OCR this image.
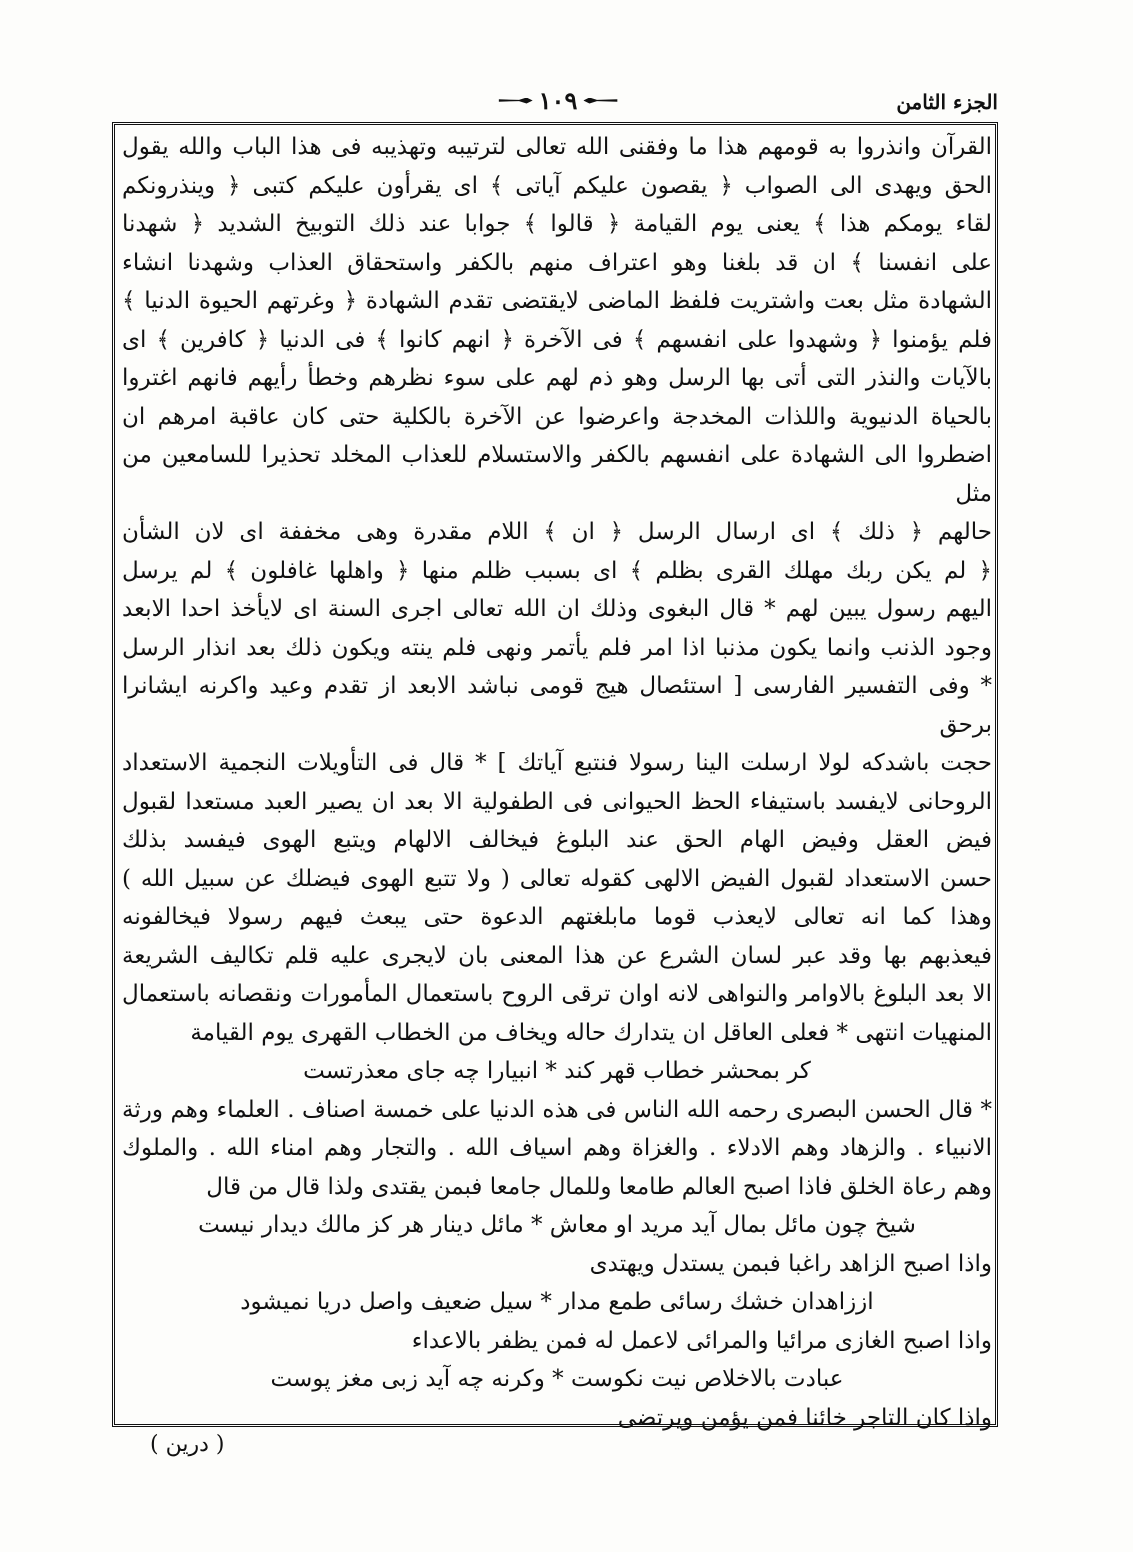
الجزء الثامن
١٠٩

القرآن وانذروا به قومهم هذا ما وفقنى الله تعالى لترتيبه وتهذيبه فى هذا الباب والله يقول

الحق ويهدى الى الصواب ﴿ يقصون عليكم آياتى ﴾ اى يقرأون عليكم كتبى ﴿ وينذرونكم

لقاء يومكم هذا ﴾ يعنى يوم القيامة ﴿ قالوا ﴾ جوابا عند ذلك التوبيخ الشديد ﴿ شهدنا

على انفسنا ﴾ ان قد بلغنا وهو اعتراف منهم بالكفر واستحقاق العذاب وشهدنا انشاء

الشهادة مثل بعت واشتريت فلفظ الماضى لايقتضى تقدم الشهادة ﴿ وغرتهم الحيوة الدنيا ﴾

فلم يؤمنوا ﴿ وشهدوا على انفسهم ﴾ فى الآخرة ﴿ انهم كانوا ﴾ فى الدنيا ﴿ كافرين ﴾ اى

بالآيات والنذر التى أتى بها الرسل وهو ذم لهم على سوء نظرهم وخطأ رأيهم فانهم اغتروا

بالحياة الدنيوية واللذات المخدجة واعرضوا عن الآخرة بالكلية حتى كان عاقبة امرهم ان

اضطروا الى الشهادة على انفسهم بالكفر والاستسلام للعذاب المخلد تحذيرا للسامعين من مثل

حالهم ﴿ ذلك ﴾ اى ارسال الرسل ﴿ ان ﴾ اللام مقدرة وهى مخففة اى لان الشأن

﴿ لم يكن ربك مهلك القرى بظلم ﴾ اى بسبب ظلم منها ﴿ واهلها غافلون ﴾ لم يرسل

اليهم رسول يبين لهم * قال البغوى وذلك ان الله تعالى اجرى السنة اى لايأخذ احدا الابعد

وجود الذنب وانما يكون مذنبا اذا امر فلم يأتمر ونهى فلم ينته ويكون ذلك بعد انذار الرسل

* وفى التفسير الفارسى [ استئصال هيج قومى نباشد الابعد از تقدم وعيد واكرنه ايشانرا برحق

حجت باشدكه لولا ارسلت الينا رسولا فنتبع آياتك ] * قال فى التأويلات النجمية الاستعداد

الروحانى لايفسد باستيفاء الحظ الحيوانى فى الطفولية الا بعد ان يصير العبد مستعدا لقبول

فيض العقل وفيض الهام الحق عند البلوغ فيخالف الالهام ويتبع الهوى فيفسد بذلك

حسن الاستعداد لقبول الفيض الالهى كقوله تعالى ( ولا تتبع الهوى فيضلك عن سبيل الله )

وهذا كما انه تعالى لايعذب قوما مابلغتهم الدعوة حتى يبعث فيهم رسولا فيخالفونه

فيعذبهم بها وقد عبر لسان الشرع عن هذا المعنى بان لايجرى عليه قلم تكاليف الشريعة

الا بعد البلوغ بالاوامر والنواهى لانه اوان ترقى الروح باستعمال المأمورات ونقصانه باستعمال

المنهيات انتهى * فعلى العاقل ان يتدارك حاله ويخاف من الخطاب القهرى يوم القيامة

كر بمحشر خطاب قهر كند * انبيارا چه جاى معذرتست

* قال الحسن البصرى رحمه الله الناس فى هذه الدنيا على خمسة اصناف . العلماء وهم ورثة

الانبياء . والزهاد وهم الادلاء . والغزاة وهم اسياف الله . والتجار وهم امناء الله . والملوك

وهم رعاة الخلق فاذا اصبح العالم طامعا وللمال جامعا فبمن يقتدى ولذا قال من قال

شيخ چون مائل بمال آيد مريد او معاش * مائل دينار هر كز مالك ديدار نيست

واذا اصبح الزاهد راغبا فبمن يستدل ويهتدى

اززاهدان خشك رسائى طمع مدار * سيل ضعيف واصل دريا نميشود

واذا اصبح الغازى مرائيا والمرائى لاعمل له فمن يظفر بالاعداء

عبادت بالاخلاص نيت نكوست * وكرنه چه آيد زبى مغز پوست

واذا كان التاجر خائنا فمن يؤمن ويرتضى

( درين )
